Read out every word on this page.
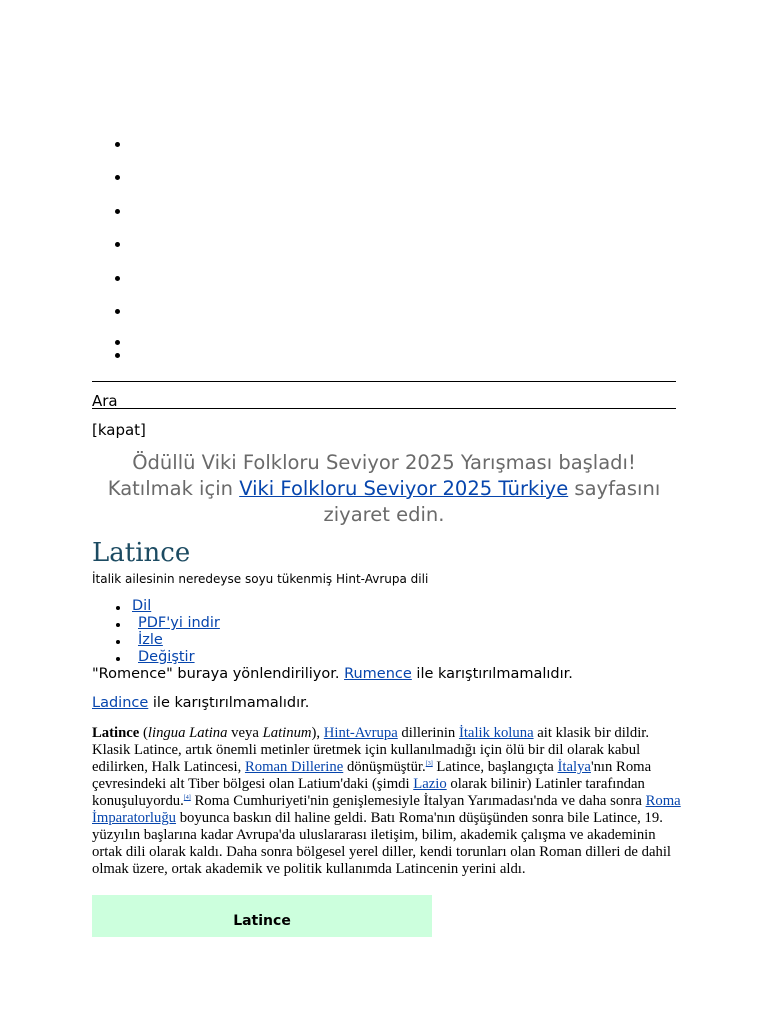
Ara
[kapat]
Ödüllü Viki Folkloru Seviyor 2025 Yarışması başladı!
Katılmak için Viki Folkloru Seviyor 2025 Türkiye sayfasını ziyaret edin.
Latince
İtalik ailesinin neredeyse soyu tükenmiş Hint-Avrupa dili
Dil
PDF'yi indir
İzle
Değiştir
"Romence" buraya yönlendiriliyor. Rumence ile karıştırılmamalıdır.
Ladince ile karıştırılmamalıdır.

Latince (lingua Latina veya Latinum), Hint-Avrupa dillerinin İtalik koluna ait klasik bir dildir. Klasik Latince, artık önemli metinler üretmek için kullanılmadığı için ölü bir dil olarak kabul edilirken, Halk Latincesi, Roman Dillerine dönüşmüştür.[3] Latince, başlangıçta İtalya'nın Roma çevresindeki alt Tiber bölgesi olan Latium'daki (şimdi Lazio olarak bilinir) Latinler tarafından konuşuluyordu.[4] Roma Cumhuriyeti'nin genişlemesiyle İtalyan Yarımadası'nda ve daha sonra Roma İmparatorluğu boyunca baskın dil haline geldi. Batı Roma'nın düşüşünden sonra bile Latince, 19. yüzyılın başlarına kadar Avrupa'da uluslararası iletişim, bilim, akademik çalışma ve akademinin ortak dili olarak kaldı. Daha sonra bölgesel yerel diller, kendi torunları olan Roman dilleri de dahil olmak üzere, ortak akademik ve politik kullanımda Latincenin yerini aldı.

Latince
